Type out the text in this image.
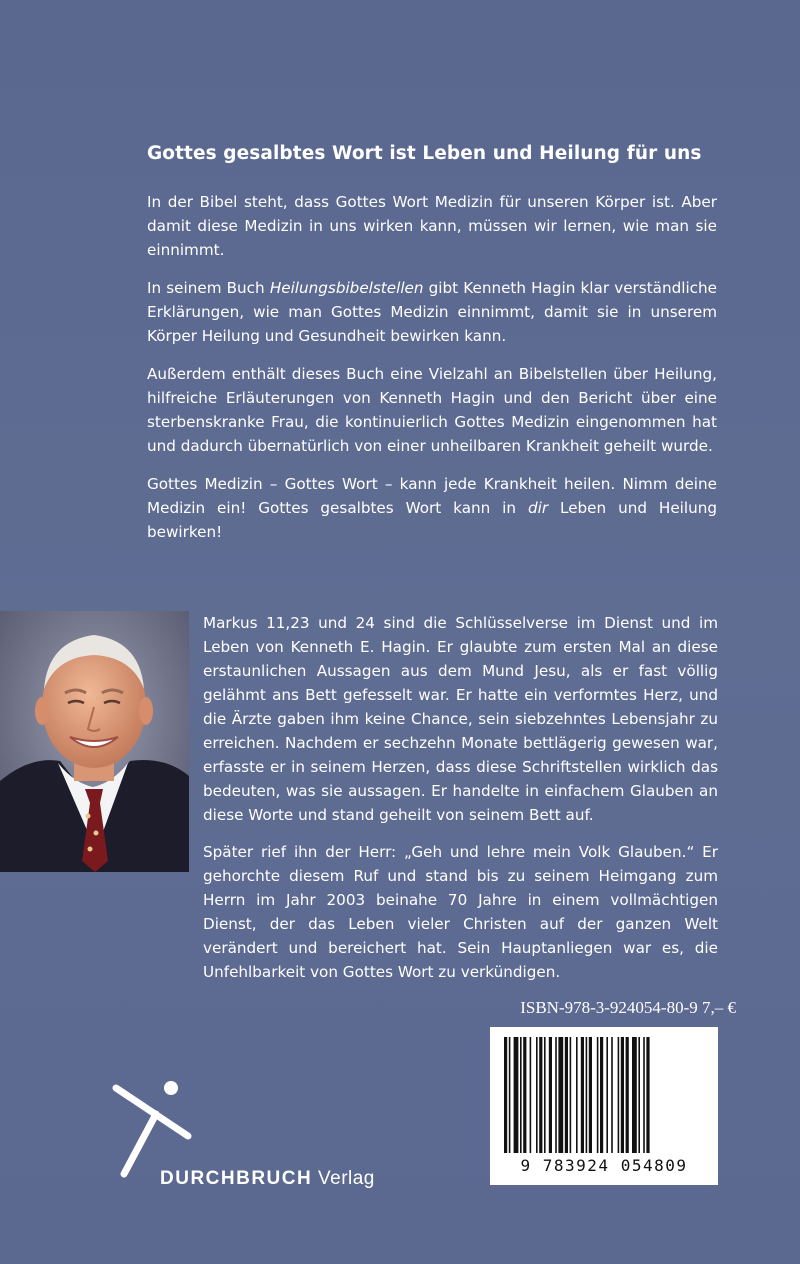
Gottes gesalbtes Wort ist Leben und Heilung für uns

In der Bibel steht, dass Gottes Wort Medizin für unseren Körper ist. Aber damit diese Medizin in uns wirken kann, müssen wir lernen, wie man sie einnimmt.

In seinem Buch Heilungsbibelstellen gibt Kenneth Hagin klar verständliche Erklärungen, wie man Gottes Medizin einnimmt, damit sie in unserem Körper Heilung und Gesundheit bewirken kann.

Außerdem enthält dieses Buch eine Vielzahl an Bibelstellen über Heilung, hilfreiche Erläuterungen von Kenneth Hagin und den Bericht über eine sterbenskranke Frau, die kontinuierlich Gottes Medizin eingenommen hat und dadurch übernatürlich von einer unheilbaren Krankheit geheilt wurde.

Gottes Medizin – Gottes Wort – kann jede Krankheit heilen. Nimm deine Medizin ein! Gottes gesalbtes Wort kann in dir Leben und Heilung bewirken!

Markus 11,23 und 24 sind die Schlüsselverse im Dienst und im Leben von Kenneth E. Hagin. Er glaubte zum ersten Mal an diese erstaunlichen Aussagen aus dem Mund Jesu, als er fast völlig gelähmt ans Bett gefesselt war. Er hatte ein verformtes Herz, und die Ärzte gaben ihm keine Chance, sein siebzehntes Lebensjahr zu erreichen. Nachdem er sechzehn Monate bettlägerig gewesen war, erfasste er in seinem Herzen, dass diese Schriftstellen wirklich das bedeuten, was sie aussagen. Er handelte in einfachem Glauben an diese Worte und stand geheilt von seinem Bett auf.

Später rief ihn der Herr: „Geh und lehre mein Volk Glauben.“ Er gehorchte diesem Ruf und stand bis zu seinem Heimgang zum Herrn im Jahr 2003 beinahe 70 Jahre in einem vollmächtigen Dienst, der das Leben vieler Christen auf der ganzen Welt verändert und bereichert hat. Sein Hauptanliegen war es, die Unfehlbarkeit von Gottes Wort zu verkündigen.

ISBN-978-3-924054-80-9 7,– €
9 783924 054809
DURCHBRUCH Verlag
